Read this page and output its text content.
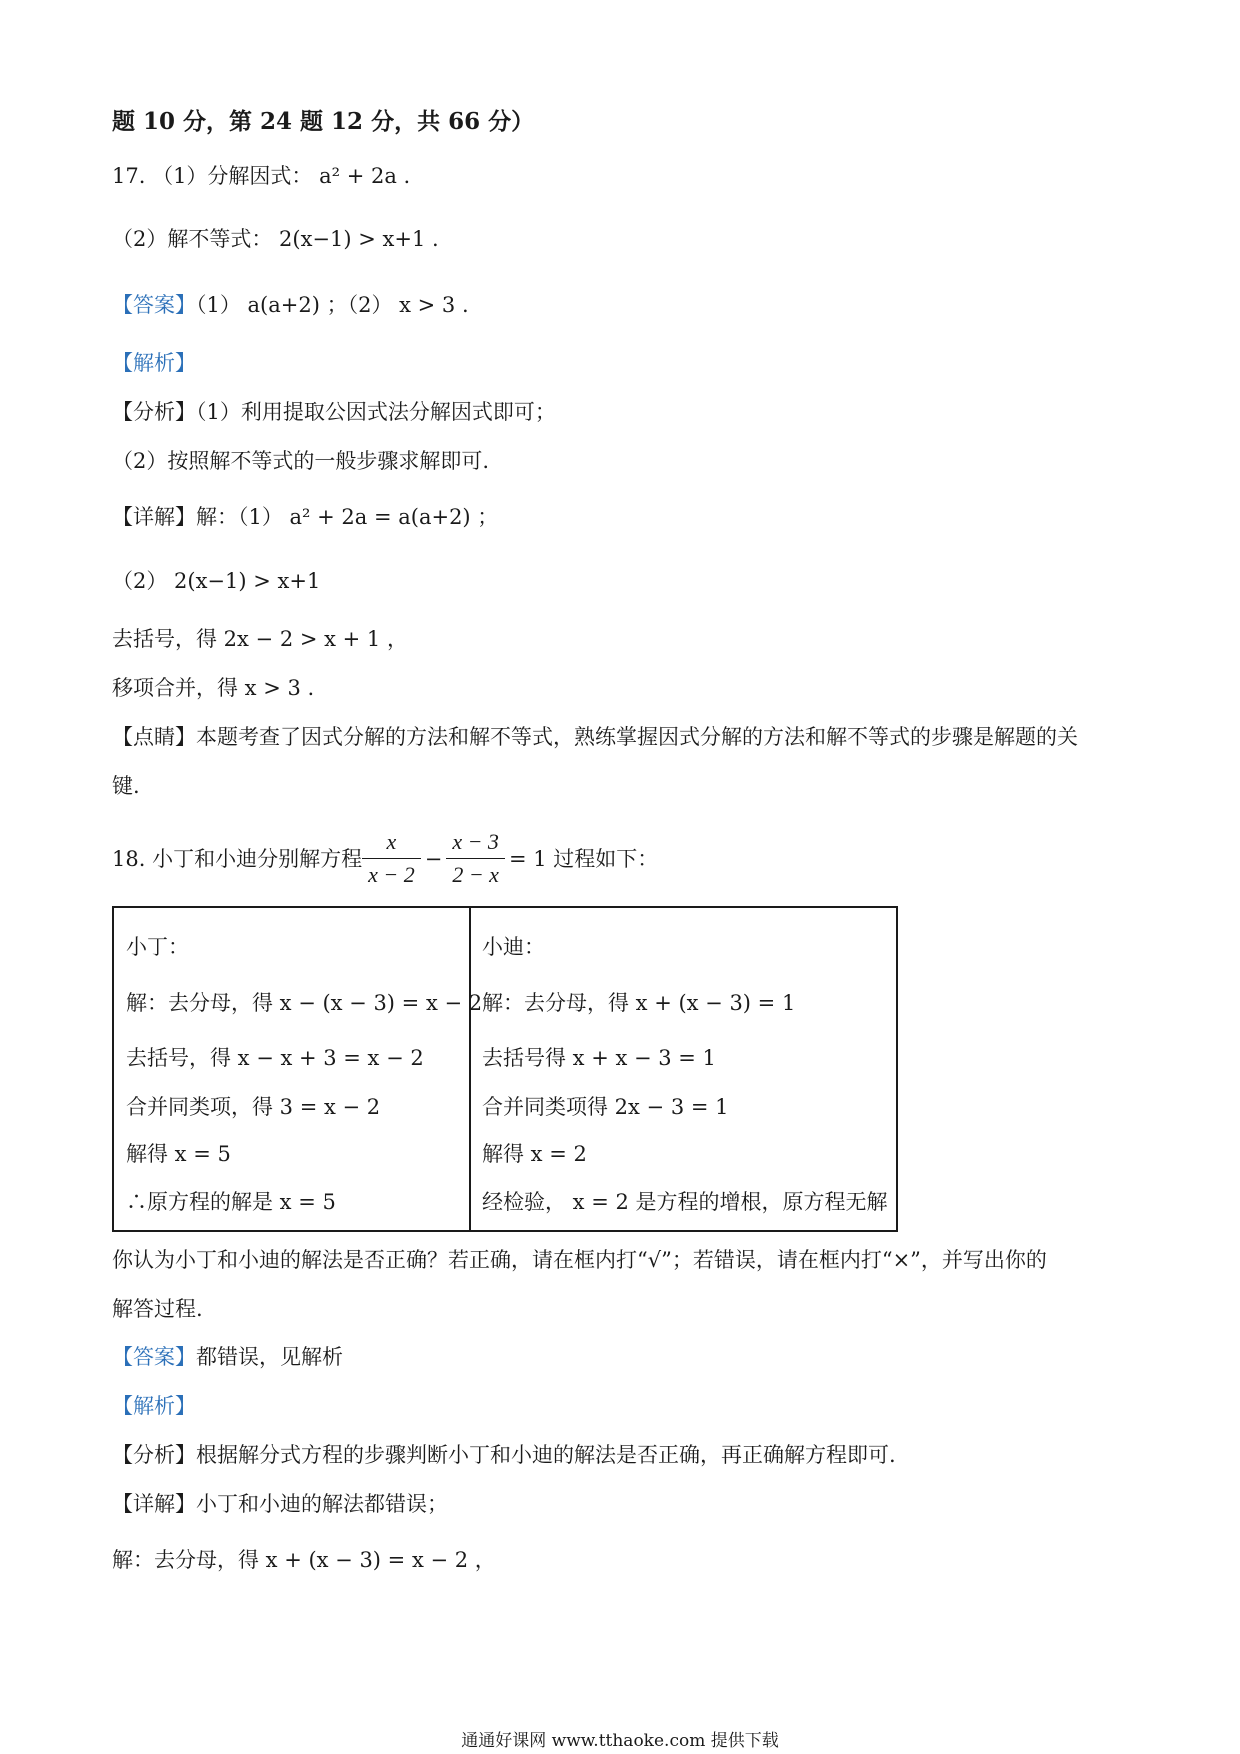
题 10 分，第 24 题 12 分，共 66 分）
17. （1）分解因式： a² + 2a .
（2）解不等式： 2(x−1) > x+1 .
【答案】（1） a(a+2) ；（2） x > 3 .
【解析】
【分析】（1）利用提取公因式法分解因式即可；
（2）按照解不等式的一般步骤求解即可.
【详解】解：（1） a² + 2a = a(a+2) ；
（2） 2(x−1) > x+1
去括号，得 2x − 2 > x + 1 ，
移项合并，得 x > 3 .
【点睛】本题考查了因式分解的方法和解不等式，熟练掌握因式分解的方法和解不等式的步骤是解题的关
键.
18. 小丁和小迪分别解方程 $\frac{x}{x - 2} - \frac{x - 3}{2 - x} = 1$ 过程如下：
小丁：
解：去分母，得 x − (x − 3) = x − 2
去括号，得 x − x + 3 = x − 2
合并同类项，得 3 = x − 2
解得 x = 5
∴原方程的解是 x = 5
小迪：
解：去分母，得 x + (x − 3) = 1
去括号得 x + x − 3 = 1
合并同类项得 2x − 3 = 1
解得 x = 2
经检验， x = 2 是方程的增根，原方程无解
你认为小丁和小迪的解法是否正确？若正确，请在框内打“√”；若错误，请在框内打“×”，并写出你的
解答过程.
【答案】都错误，见解析
【解析】
【分析】根据解分式方程的步骤判断小丁和小迪的解法是否正确，再正确解方程即可.
【详解】小丁和小迪的解法都错误；
解：去分母，得 x + (x − 3) = x − 2 ，
通通好课网 www.tthaoke.com 提供下载
